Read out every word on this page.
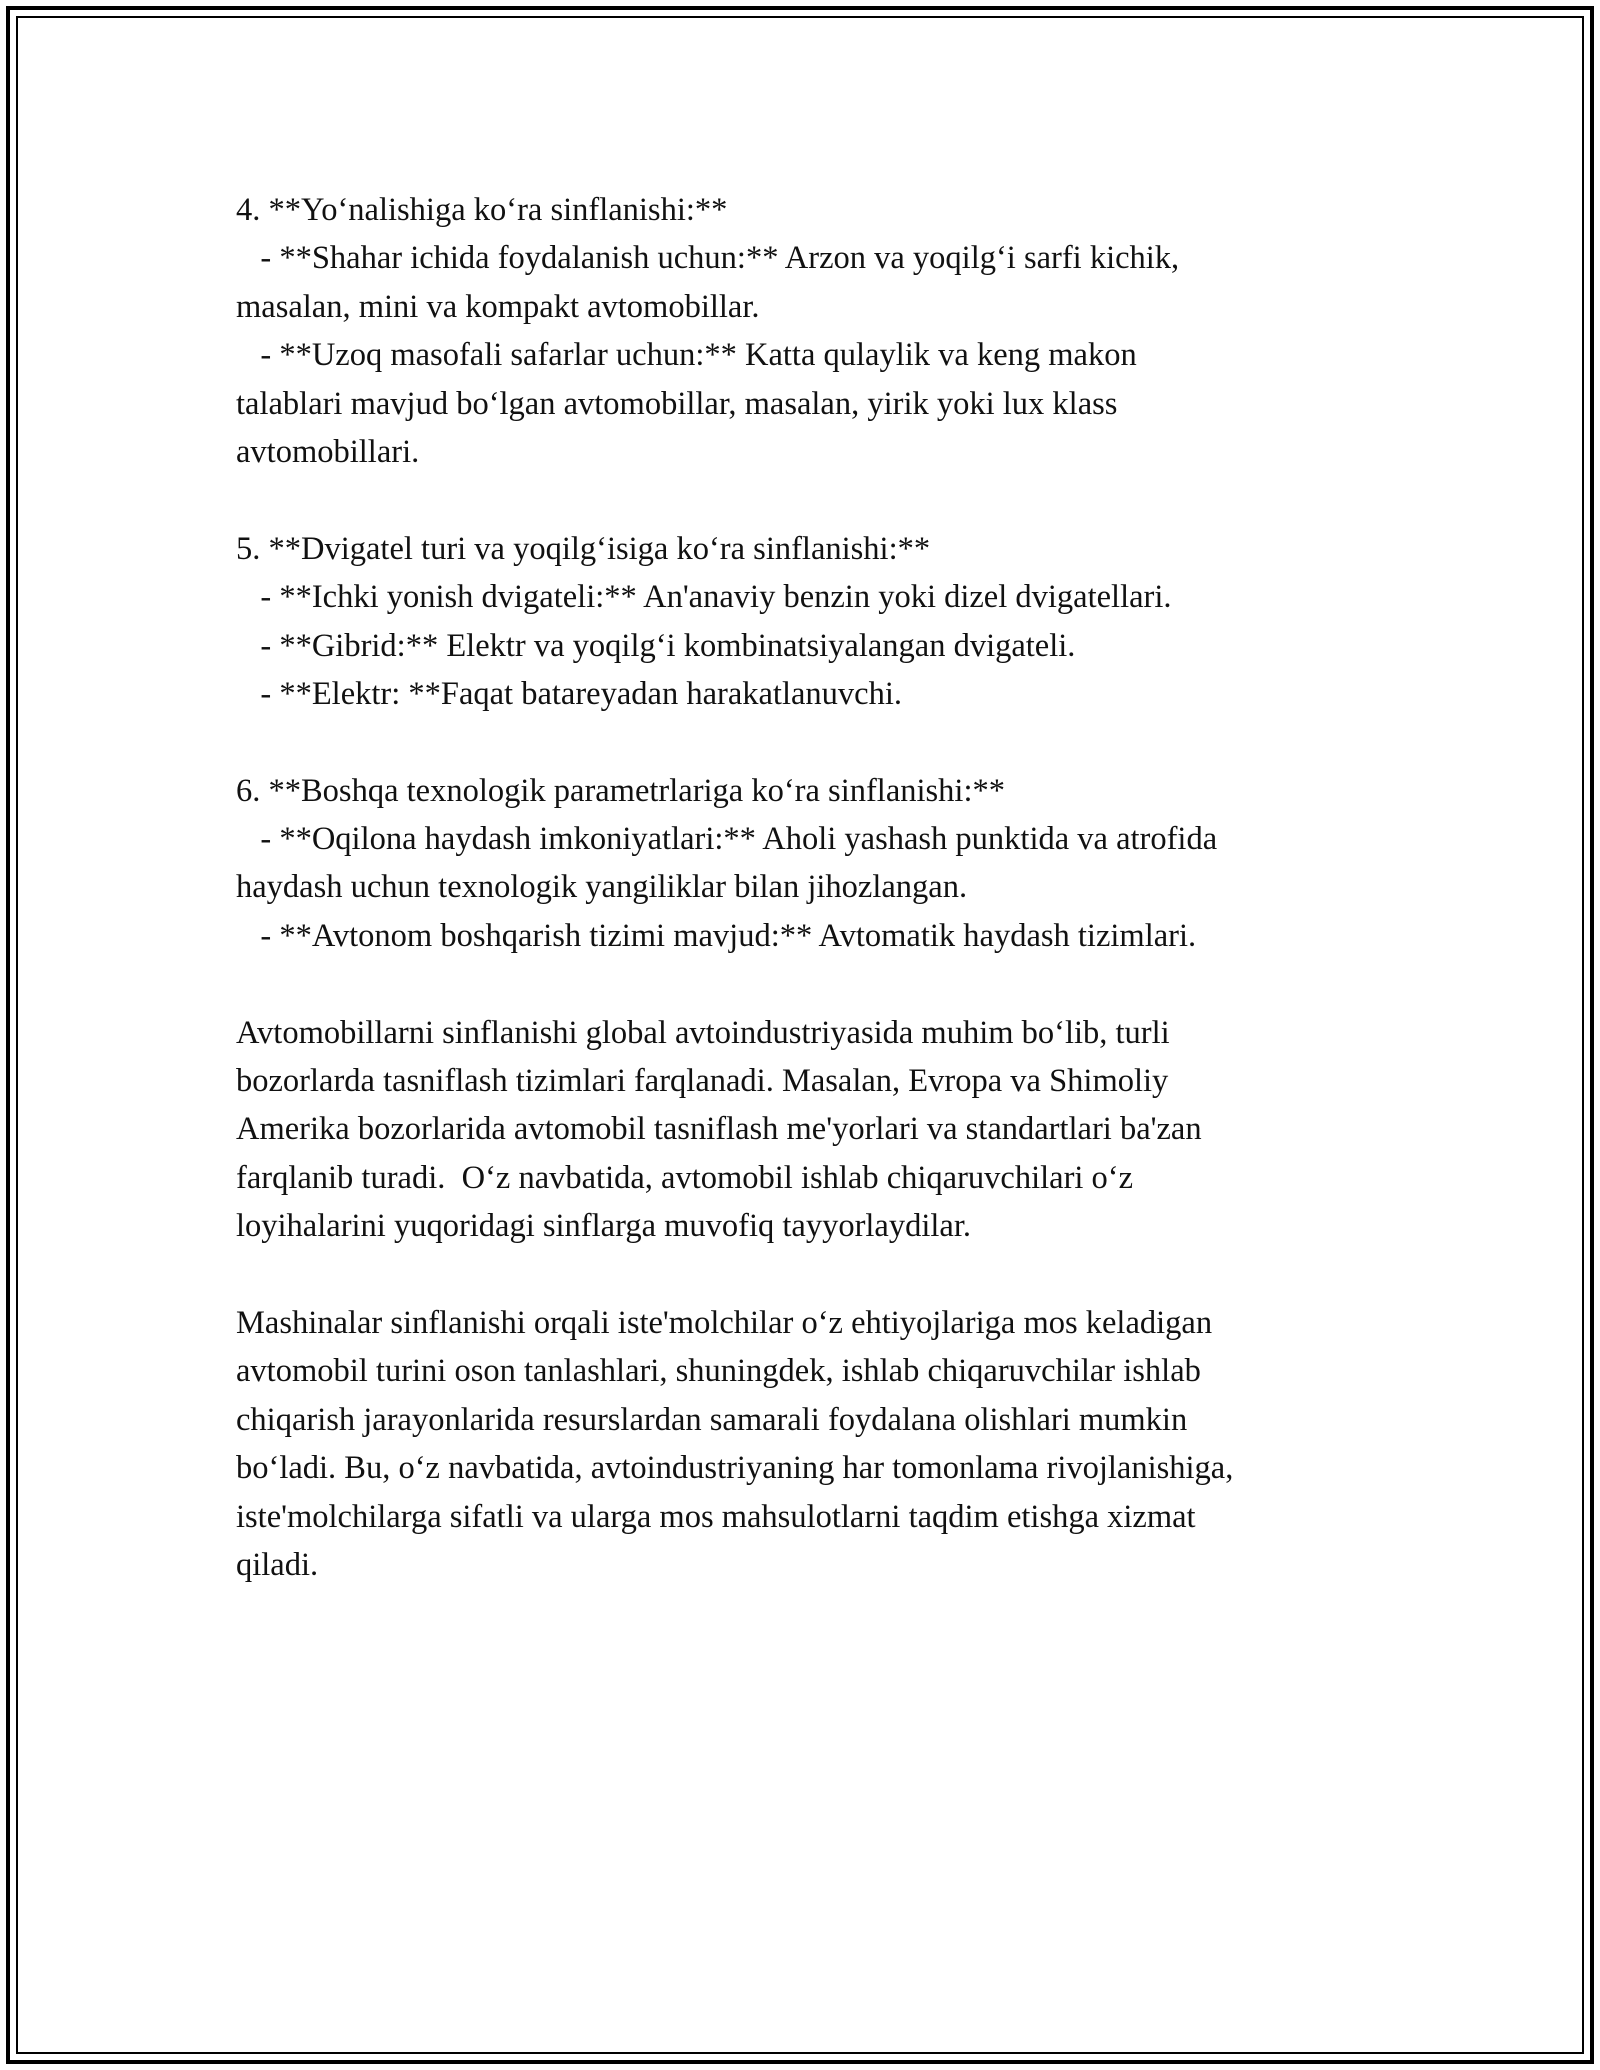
4. **Yo‘nalishiga ko‘ra sinflanishi:**

- **Shahar ichida foydalanish uchun:** Arzon va yoqilg‘i sarfi kichik,

masalan, mini va kompakt avtomobillar.

- **Uzoq masofali safarlar uchun:** Katta qulaylik va keng makon

talablari mavjud bo‘lgan avtomobillar, masalan, yirik yoki lux klass

avtomobillari.

5. **Dvigatel turi va yoqilg‘isiga ko‘ra sinflanishi:**

- **Ichki yonish dvigateli:** An'anaviy benzin yoki dizel dvigatellari.

- **Gibrid:** Elektr va yoqilg‘i kombinatsiyalangan dvigateli.

- **Elektr: **Faqat batareyadan harakatlanuvchi.

6. **Boshqa texnologik parametrlariga ko‘ra sinflanishi:**

- **Oqilona haydash imkoniyatlari:** Aholi yashash punktida va atrofida

haydash uchun texnologik yangiliklar bilan jihozlangan.

- **Avtonom boshqarish tizimi mavjud:** Avtomatik haydash tizimlari.

Avtomobillarni sinflanishi global avtoindustriyasida muhim bo‘lib, turli

bozorlarda tasniflash tizimlari farqlanadi. Masalan, Evropa va Shimoliy

Amerika bozorlarida avtomobil tasniflash me'yorlari va standartlari ba'zan

farqlanib turadi.  O‘z navbatida, avtomobil ishlab chiqaruvchilari o‘z

loyihalarini yuqoridagi sinflarga muvofiq tayyorlaydilar.

Mashinalar sinflanishi orqali iste'molchilar o‘z ehtiyojlariga mos keladigan

avtomobil turini oson tanlashlari, shuningdek, ishlab chiqaruvchilar ishlab

chiqarish jarayonlarida resurslardan samarali foydalana olishlari mumkin

bo‘ladi. Bu, o‘z navbatida, avtoindustriyaning har tomonlama rivojlanishiga,

iste'molchilarga sifatli va ularga mos mahsulotlarni taqdim etishga xizmat

qiladi.
